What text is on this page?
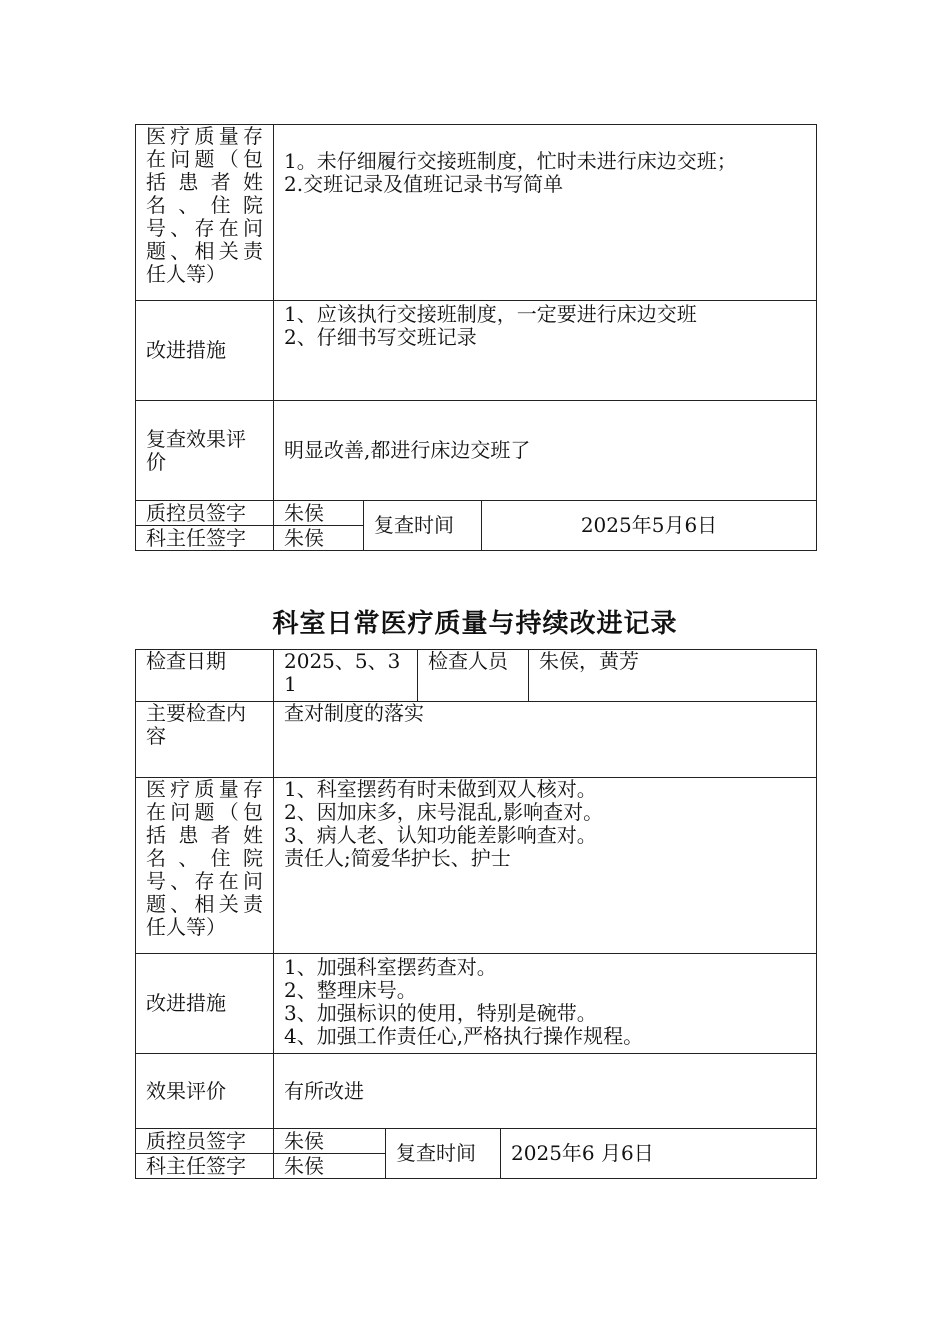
医疗质量存在问题（包括患者姓名、住院号、存在问题、相关责任人等）	1。未仔细履行交接班制度，忙时未进行床边交班；
2.交班记录及值班记录书写简单		

改进措施	1、应该执行交接班制度，一定要进行床边交班
2、仔细书写交班记录		

复查效果评价	明显改善,都进行床边交班了		
质控员签字	朱侯	复查时间	2025年5月6日
科主任签字	朱侯		
科室日常医疗质量与持续改进记录
检查日期	2025、5、31		检查人员		朱侯，黄芳
主要检查内容	查对制度的落实				
医疗质量存在问题（包括患者姓名、住院号、存在问题、相关责任人等）	1、科室摆药有时未做到双人核对。
2、因加床多，床号混乱,影响查对。
3、病人老、认知功能差影响查对。
责任人;简爱华护长、护士				

改进措施	1、加强科室摆药查对。
2、整理床号。
3、加强标识的使用，特别是碗带。
4、加强工作责任心,严格执行操作规程。				

效果评价	有所改进				
质控员签字	朱侯	复查时间		2025年6 月6日	
科主任签字	朱侯				
